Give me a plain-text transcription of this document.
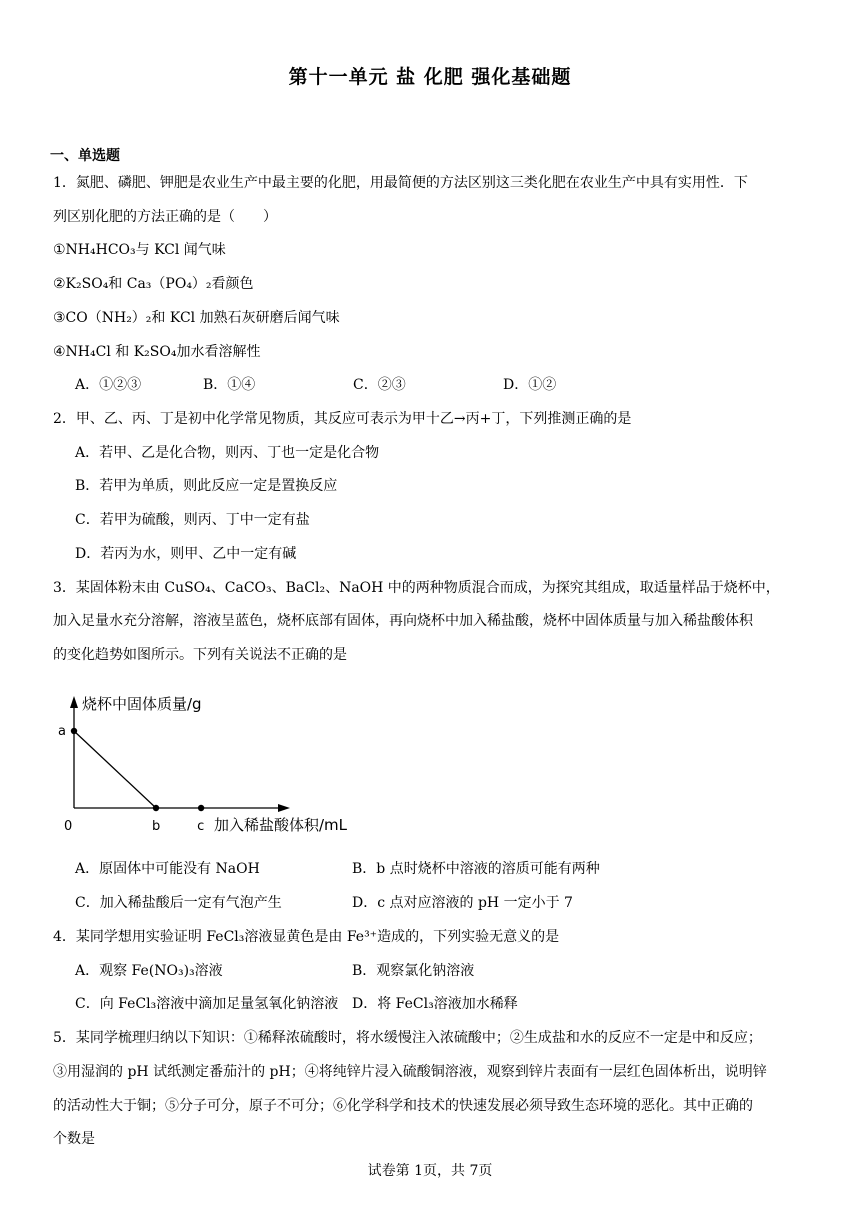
第十一单元 盐 化肥 强化基础题
一、单选题
1．氮肥、磷肥、钾肥是农业生产中最主要的化肥，用最简便的方法区别这三类化肥在农业生产中具有实用性．下
列区别化肥的方法正确的是（　　）
①NH₄HCO₃与 KCl 闻气味
②K₂SO₄和 Ca₃（PO₄）₂看颜色
③CO（NH₂）₂和 KCl 加熟石灰研磨后闻气味
④NH₄Cl 和 K₂SO₄加水看溶解性
A．①②③	B．①④	C．②③	D．①②
2．甲、乙、丙、丁是初中化学常见物质，其反应可表示为甲十乙→丙+丁，下列推测正确的是
A．若甲、乙是化合物，则丙、丁也一定是化合物
B．若甲为单质，则此反应一定是置换反应
C．若甲为硫酸，则丙、丁中一定有盐
D．若丙为水，则甲、乙中一定有碱
3．某固体粉末由 CuSO₄、CaCO₃、BaCl₂、NaOH 中的两种物质混合而成，为探究其组成，取适量样品于烧杯中，
加入足量水充分溶解，溶液呈蓝色，烧杯底部有固体，再向烧杯中加入稀盐酸，烧杯中固体质量与加入稀盐酸体积
的变化趋势如图所示。下列有关说法不正确的是
烧杯中固体质量/g
加入稀盐酸体积/mL
0
a
b	c
A．原固体中可能没有 NaOH	B．b 点时烧杯中溶液的溶质可能有两种
C．加入稀盐酸后一定有气泡产生	D．c 点对应溶液的 pH 一定小于 7
4．某同学想用实验证明 FeCl₃溶液显黄色是由 Fe³⁺造成的，下列实验无意义的是
A．观察 Fe(NO₃)₃溶液	B．观察氯化钠溶液
C．向 FeCl₃溶液中滴加足量氢氧化钠溶液 D．将 FeCl₃溶液加水稀释
5．某同学梳理归纳以下知识：①稀释浓硫酸时，将水缓慢注入浓硫酸中；②生成盐和水的反应不一定是中和反应；
③用湿润的 pH 试纸测定番茄汁的 pH；④将纯锌片浸入硫酸铜溶液，观察到锌片表面有一层红色固体析出，说明锌
的活动性大于铜；⑤分子可分，原子不可分；⑥化学科学和技术的快速发展必须导致生态环境的恶化。其中正确的
个数是
试卷第 1页，共 7页
